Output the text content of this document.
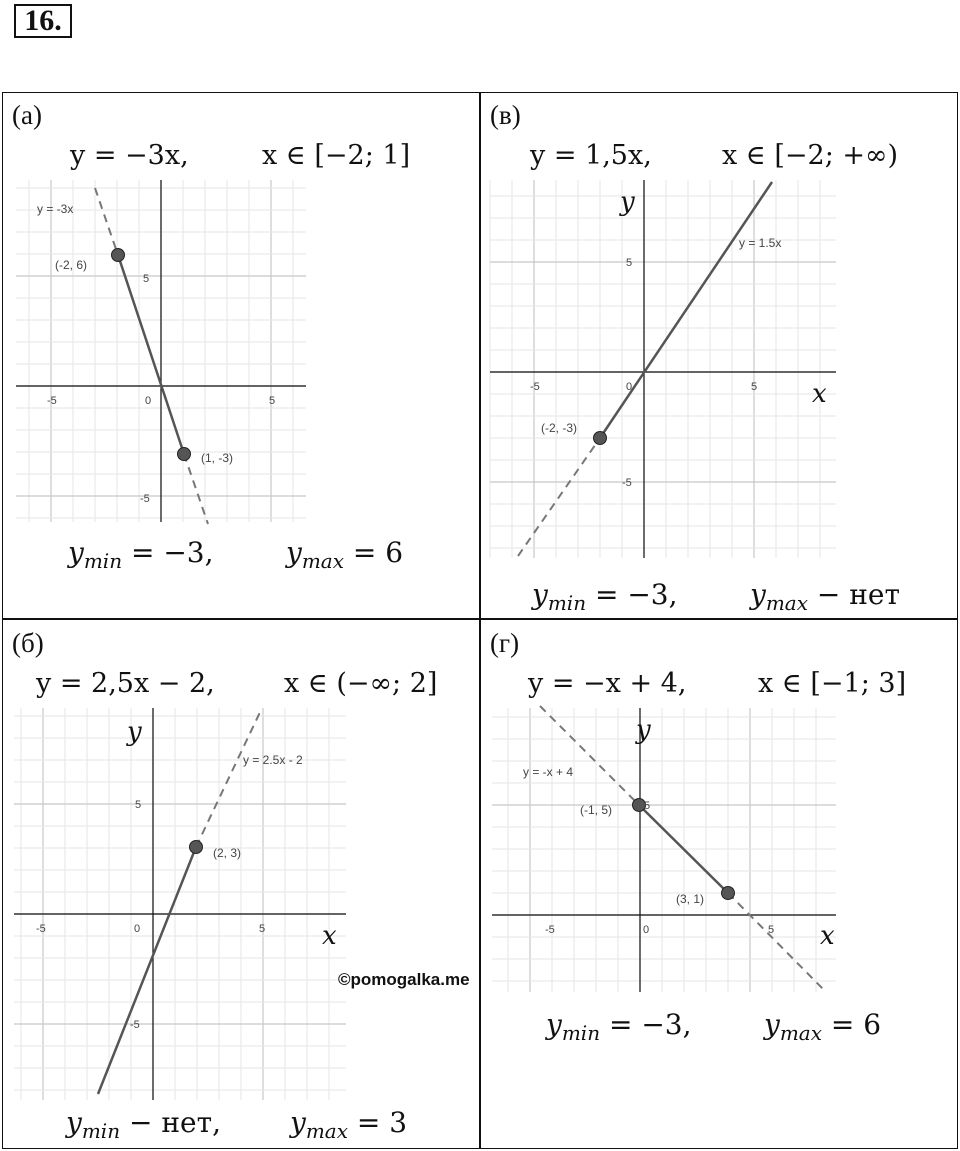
16.
(а)
y = −3x,	x ∈ [−2; 1]
y = -3x
(-2, 6)
(1, -3)
-5	0	5
5
-5
$y_{min} = -3$,	$y_{max} = 6$
(в)
y = 1,5x,	x ∈ [−2; +∞)
y = 1.5x
(-2, -3)
-5	0	5
5
-5
x
y
$y_{min} = -3$,	$y_{max}$ − нет
(б)
y = 2,5x − 2,	x ∈ (−∞; 2]
y = 2.5x - 2
(2, 3)
-5	0	5
5
-5
x
y
$y_{min}$ − нет, $y_{max} = 3$
(г)
y = −x + 4,	x ∈ [−1; 3]
y = -x + 4
(-1, 5)
(3, 1)
-5	0	5
5
x
y
$y_{min} = -3$,	$y_{max} = 6$
©pomogalka.me
